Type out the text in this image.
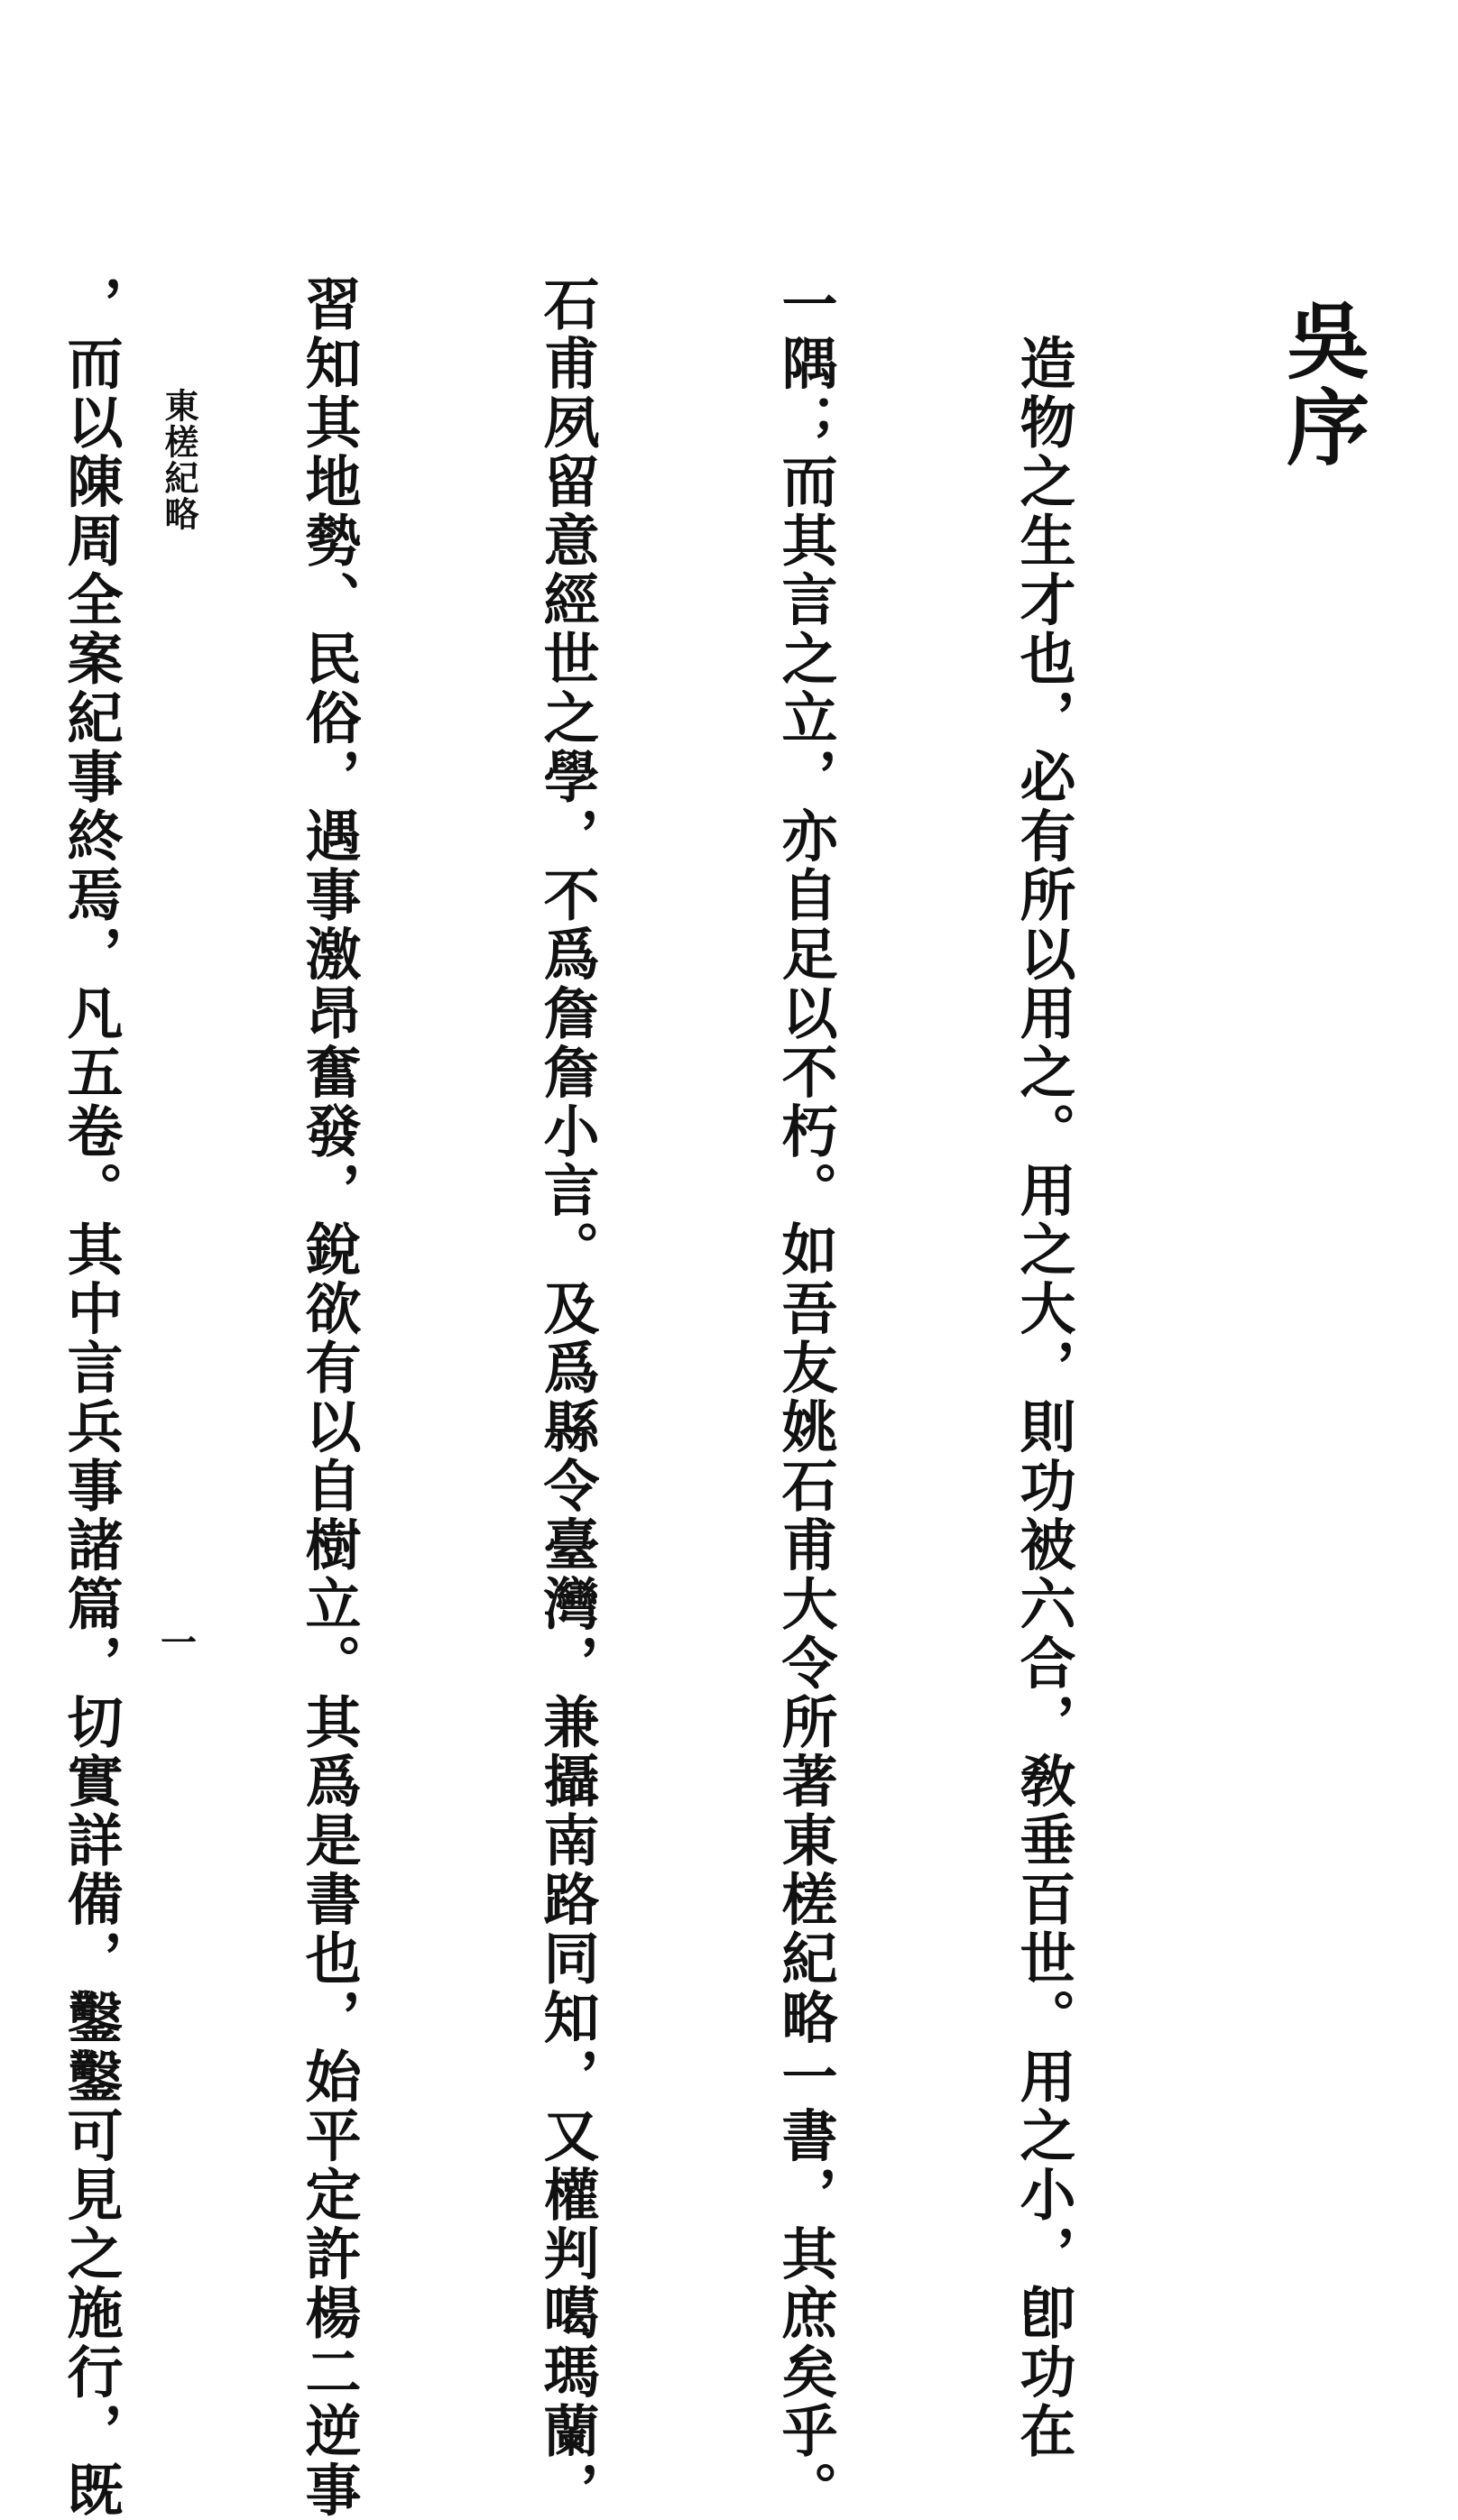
吳序

　造物之生才也，必有所以用之。用之大，則功被六合，敎垂百世。用之小，卽功在

一隅；而其言之立，亦自足以不朽。如吾友姚石甫大令所著東槎紀略一書，其庶矣乎。

石甫夙留意經世之學，不爲詹詹小言。及爲縣令臺灣，兼攝南路同知，又權判噶瑪蘭，

習知其地勢、民俗，遇事激昂奮發，銳欲有以自樹立。其爲是書也，始平定許楊二逆事

，而以陳周全案紀事終焉，凡五卷。其中言兵事諸篇，切實詳備，鑿鑿可見之施行，既

東槎紀略
一
